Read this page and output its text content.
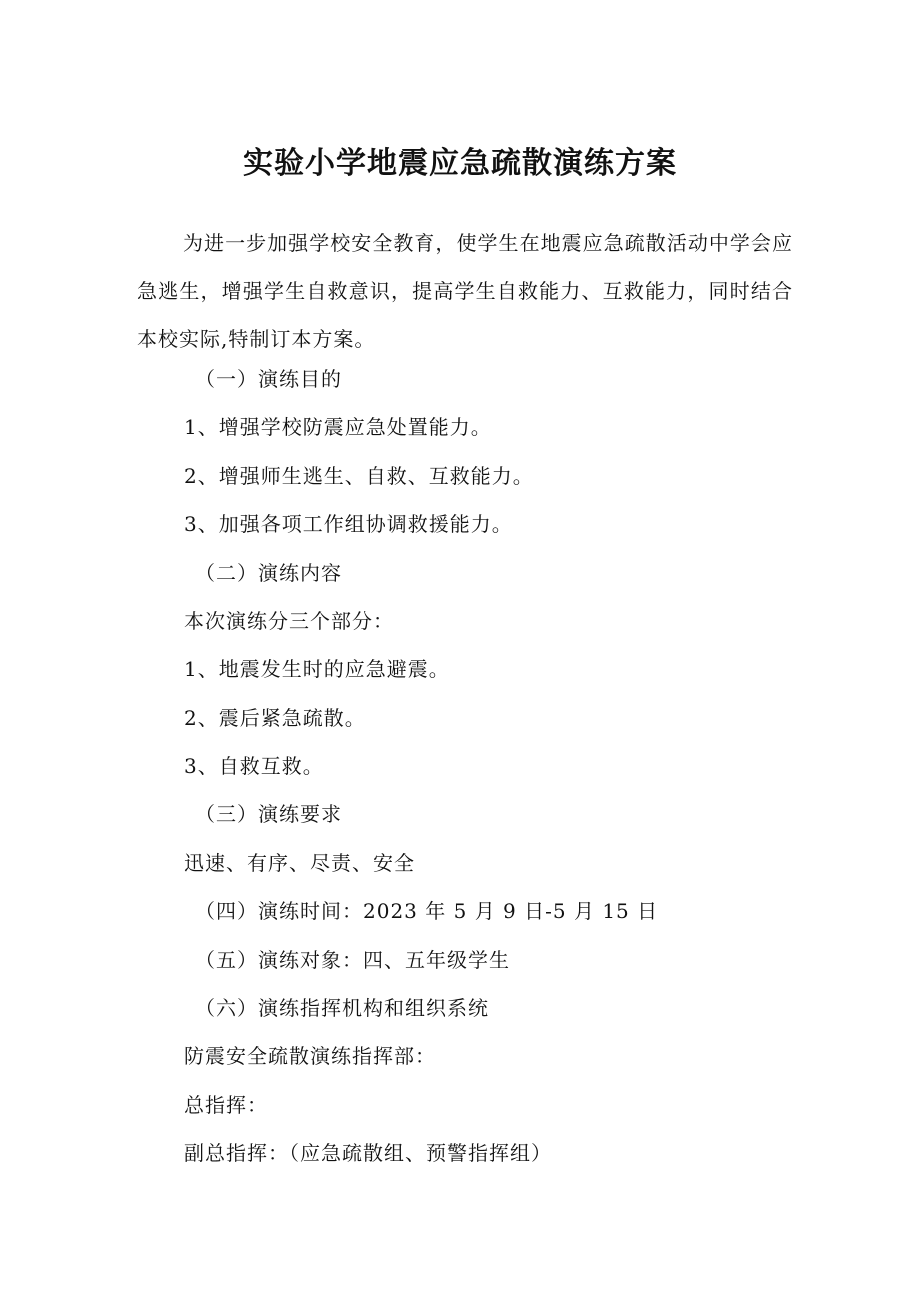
实验小学地震应急疏散演练方案

为进一步加强学校安全教育，使学生在地震应急疏散活动中学会应急逃生，增强学生自救意识，提高学生自救能力、互救能力，同时结合本校实际,特制订本方案。

（一）演练目的

1、增强学校防震应急处置能力。

2、增强师生逃生、自救、互救能力。

3、加强各项工作组协调救援能力。

（二）演练内容

本次演练分三个部分：

1、地震发生时的应急避震。

2、震后紧急疏散。

3、自救互救。

（三）演练要求

迅速、有序、尽责、安全

（四）演练时间：2023 年 5 月 9 日-5 月 15 日

（五）演练对象：四、五年级学生

（六）演练指挥机构和组织系统

防震安全疏散演练指挥部：

总指挥：

副总指挥：（应急疏散组、预警指挥组）
